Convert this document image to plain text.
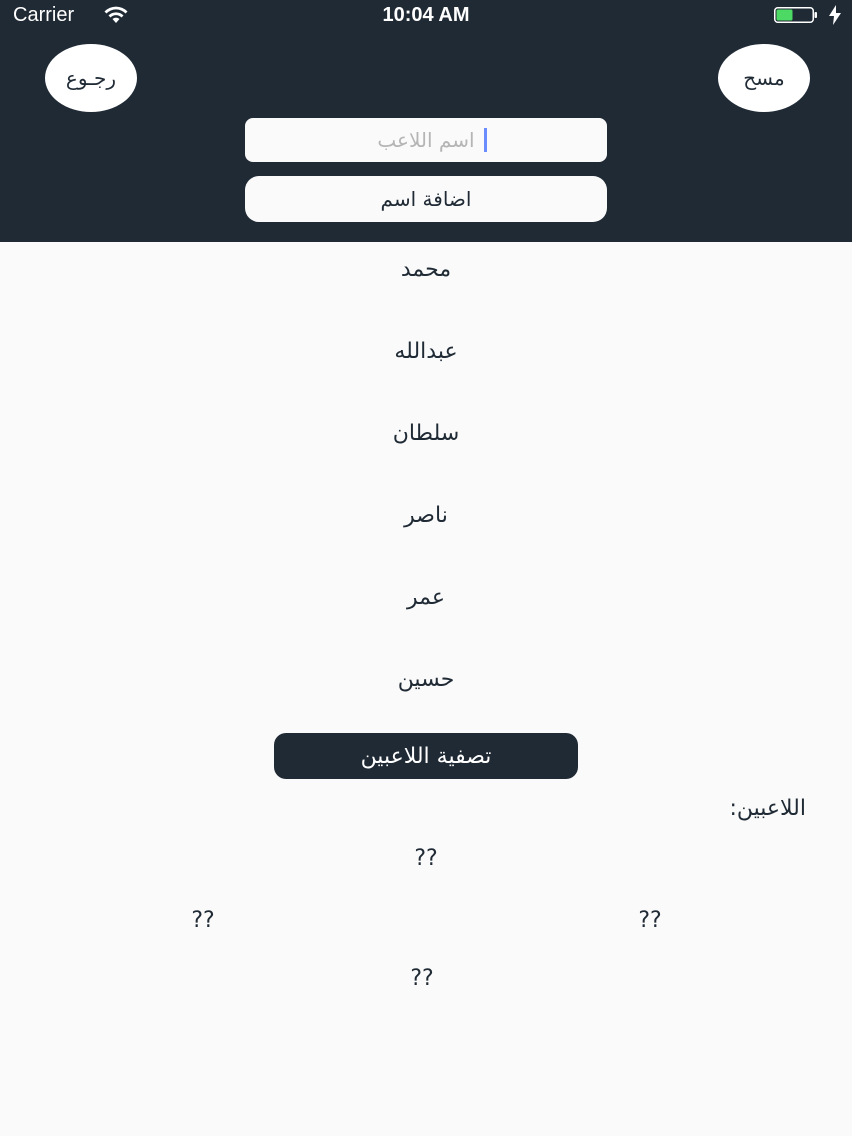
Carrier	10:04 AM
رجـوع	مسح
اسم اللاعب
اضافة اسم
محمد
عبدالله
سلطان
ناصر
عمر
حسين
تصفية اللاعبين
اللاعبين:
??
??	??
??
